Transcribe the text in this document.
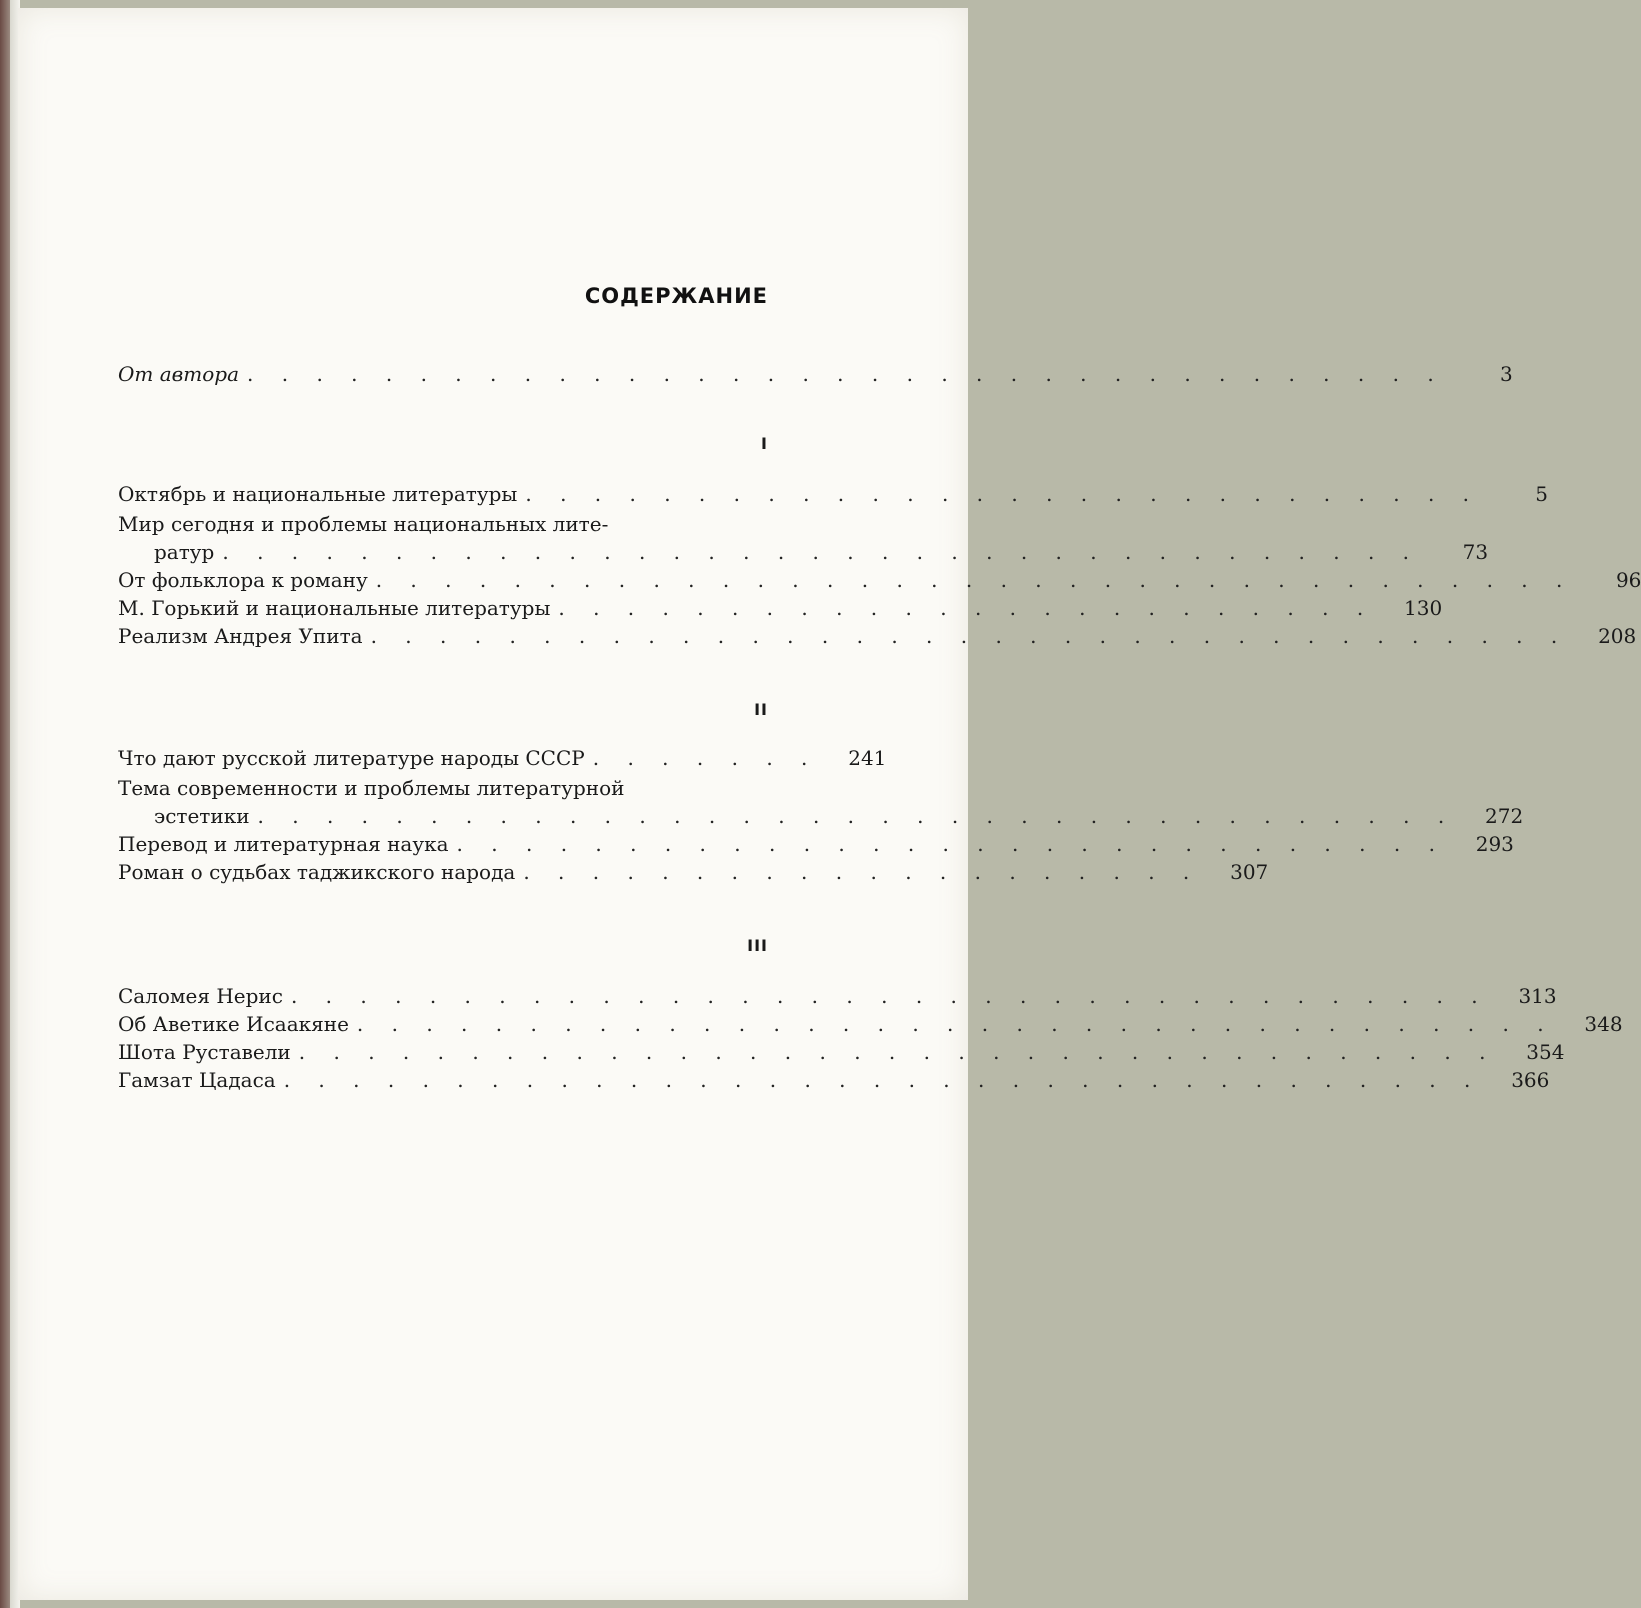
СОДЕРЖАНИЕ
От автора . . . . . . . . . . . . . . . . . . . . . . . . . . . . . . . . . . .	3
I
Октябрь и национальные литературы . . . . . . . . . . . . . . . . . . . . . . . . . . . .	5
Мир сегодня и проблемы национальных лите-
ратур . . . . . . . . . . . . . . . . . . . . . . . . . . . . . . . . . . .	73
От фольклора к роману . . . . . . . . . . . . . . . . . . . . . . . . . . . . . . . . . . .	96
М. Горький и национальные литературы . . . . . . . . . . . . . . . . . . . . . . . .	130
Реализм Андрея Упита . . . . . . . . . . . . . . . . . . . . . . . . . . . . . . . . . . .	208
II
Что дают русской литературе народы СССР . . . . . . .	241
Тема современности и проблемы литературной
эстетики . . . . . . . . . . . . . . . . . . . . . . . . . . . . . . . . . . .	272
Перевод и литературная наука . . . . . . . . . . . . . . . . . . . . . . . . . . . . .	293
Роман о судьбах таджикского народа . . . . . . . . . . . . . . . . . . . .	307
III
Саломея Нерис . . . . . . . . . . . . . . . . . . . . . . . . . . . . . . . . . . .	313
Об Аветике Исаакяне . . . . . . . . . . . . . . . . . . . . . . . . . . . . . . . . . . .	348
Шота Руставели . . . . . . . . . . . . . . . . . . . . . . . . . . . . . . . . . . .	354
Гамзат Цадаса . . . . . . . . . . . . . . . . . . . . . . . . . . . . . . . . . . .	366
